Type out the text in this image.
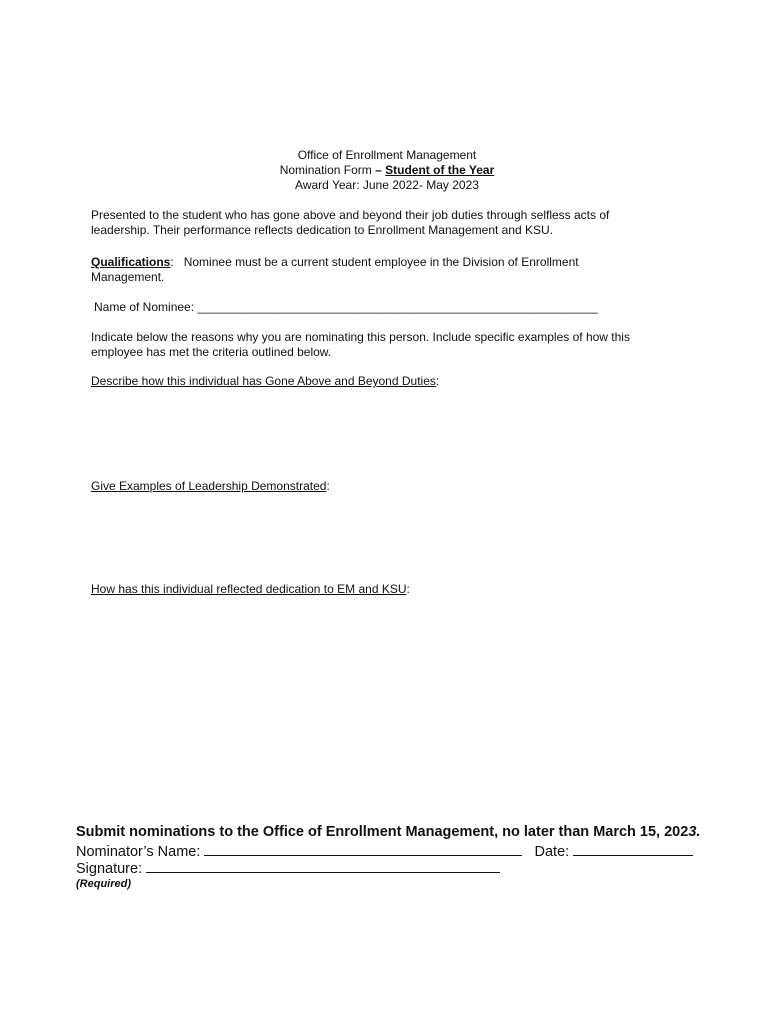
Office of Enrollment Management
Nomination Form – Student of the Year
Award Year: June 2022- May 2023
Presented to the student who has gone above and beyond their job duties through selfless acts of
leadership. Their performance reflects dedication to Enrollment Management and KSU.
Qualifications: Nominee must be a current student employee in the Division of Enrollment
Management.
Name of Nominee: ____________________________________________________________
Indicate below the reasons why you are nominating this person. Include specific examples of how this
employee has met the criteria outlined below.
Describe how this individual has Gone Above and Beyond Duties:
Give Examples of Leadership Demonstrated:
How has this individual reflected dedication to EM and KSU:
Submit nominations to the Office of Enrollment Management, no later than March 15, 2023.
Nominator’s Name:	Date:
Signature:
(Required)
